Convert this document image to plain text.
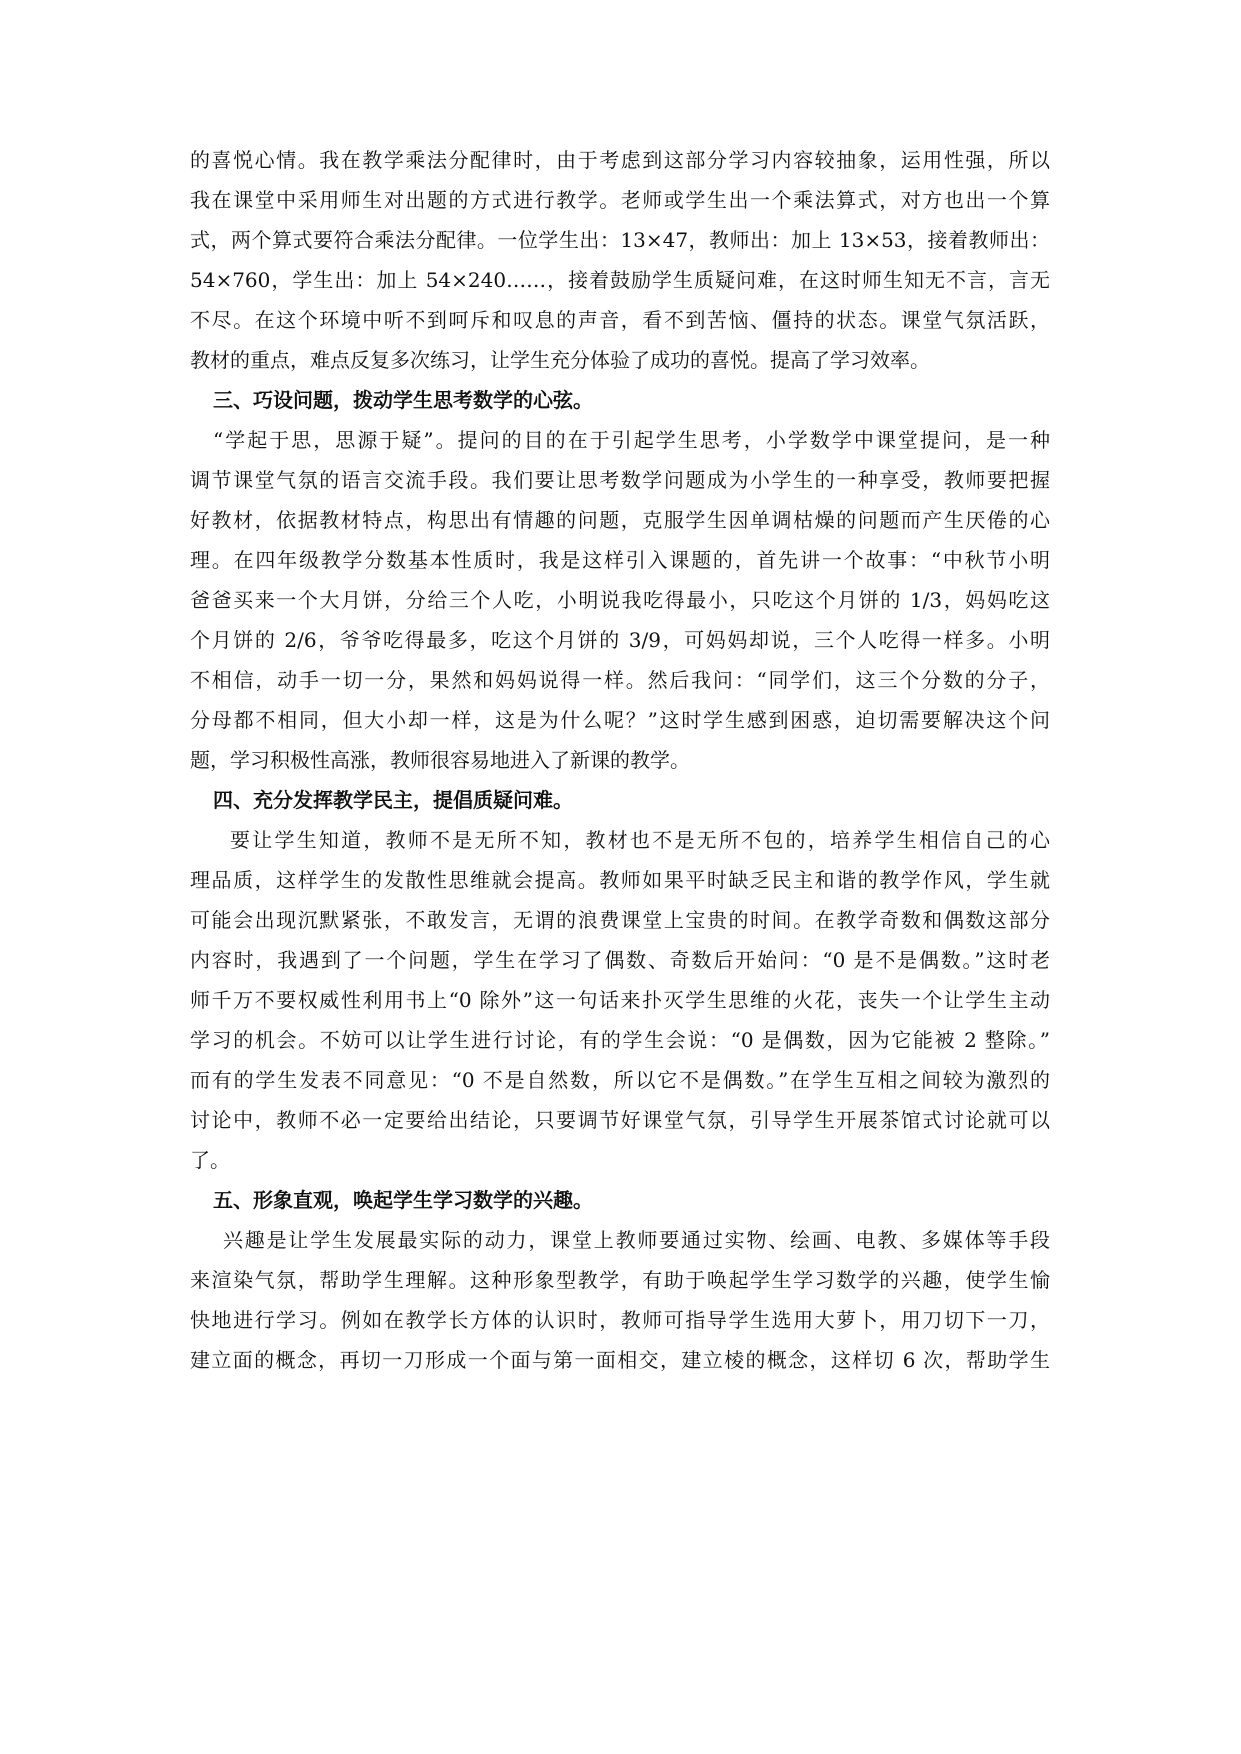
的喜悦心情。我在教学乘法分配律时，由于考虑到这部分学习内容较抽象，运用性强，所以
我在课堂中采用师生对出题的方式进行教学。老师或学生出一个乘法算式，对方也出一个算
式，两个算式要符合乘法分配律。一位学生出：13×47，教师出：加上 13×53，接着教师出：
54×760，学生出：加上 54×240……，接着鼓励学生质疑问难，在这时师生知无不言，言无
不尽。在这个环境中听不到呵斥和叹息的声音，看不到苦恼、僵持的状态。课堂气氛活跃，
教材的重点，难点反复多次练习，让学生充分体验了成功的喜悦。提高了学习效率。
三、巧设问题，拨动学生思考数学的心弦。
“学起于思，思源于疑”。提问的目的在于引起学生思考，小学数学中课堂提问，是一种
调节课堂气氛的语言交流手段。我们要让思考数学问题成为小学生的一种享受，教师要把握
好教材，依据教材特点，构思出有情趣的问题，克服学生因单调枯燥的问题而产生厌倦的心
理。在四年级教学分数基本性质时，我是这样引入课题的，首先讲一个故事：“中秋节小明
爸爸买来一个大月饼，分给三个人吃，小明说我吃得最小，只吃这个月饼的 1/3，妈妈吃这
个月饼的 2/6，爷爷吃得最多，吃这个月饼的 3/9，可妈妈却说，三个人吃得一样多。小明
不相信，动手一切一分，果然和妈妈说得一样。然后我问：“同学们，这三个分数的分子，
分母都不相同，但大小却一样，这是为什么呢？”这时学生感到困惑，迫切需要解决这个问
题，学习积极性高涨，教师很容易地进入了新课的教学。
四、充分发挥教学民主，提倡质疑问难。
要让学生知道，教师不是无所不知，教材也不是无所不包的，培养学生相信自己的心
理品质，这样学生的发散性思维就会提高。教师如果平时缺乏民主和谐的教学作风，学生就
可能会出现沉默紧张，不敢发言，无谓的浪费课堂上宝贵的时间。在教学奇数和偶数这部分
内容时，我遇到了一个问题，学生在学习了偶数、奇数后开始问：“0 是不是偶数。”这时老
师千万不要权威性利用书上“0 除外”这一句话来扑灭学生思维的火花，丧失一个让学生主动
学习的机会。不妨可以让学生进行讨论，有的学生会说：“0 是偶数，因为它能被 2 整除。”
而有的学生发表不同意见：“0 不是自然数，所以它不是偶数。”在学生互相之间较为激烈的
讨论中，教师不必一定要给出结论，只要调节好课堂气氛，引导学生开展茶馆式讨论就可以
了。
五、形象直观，唤起学生学习数学的兴趣。
兴趣是让学生发展最实际的动力，课堂上教师要通过实物、绘画、电教、多媒体等手段
来渲染气氛，帮助学生理解。这种形象型教学，有助于唤起学生学习数学的兴趣，使学生愉
快地进行学习。例如在教学长方体的认识时，教师可指导学生选用大萝卜，用刀切下一刀，
建立面的概念，再切一刀形成一个面与第一面相交，建立棱的概念，这样切 6 次，帮助学生
